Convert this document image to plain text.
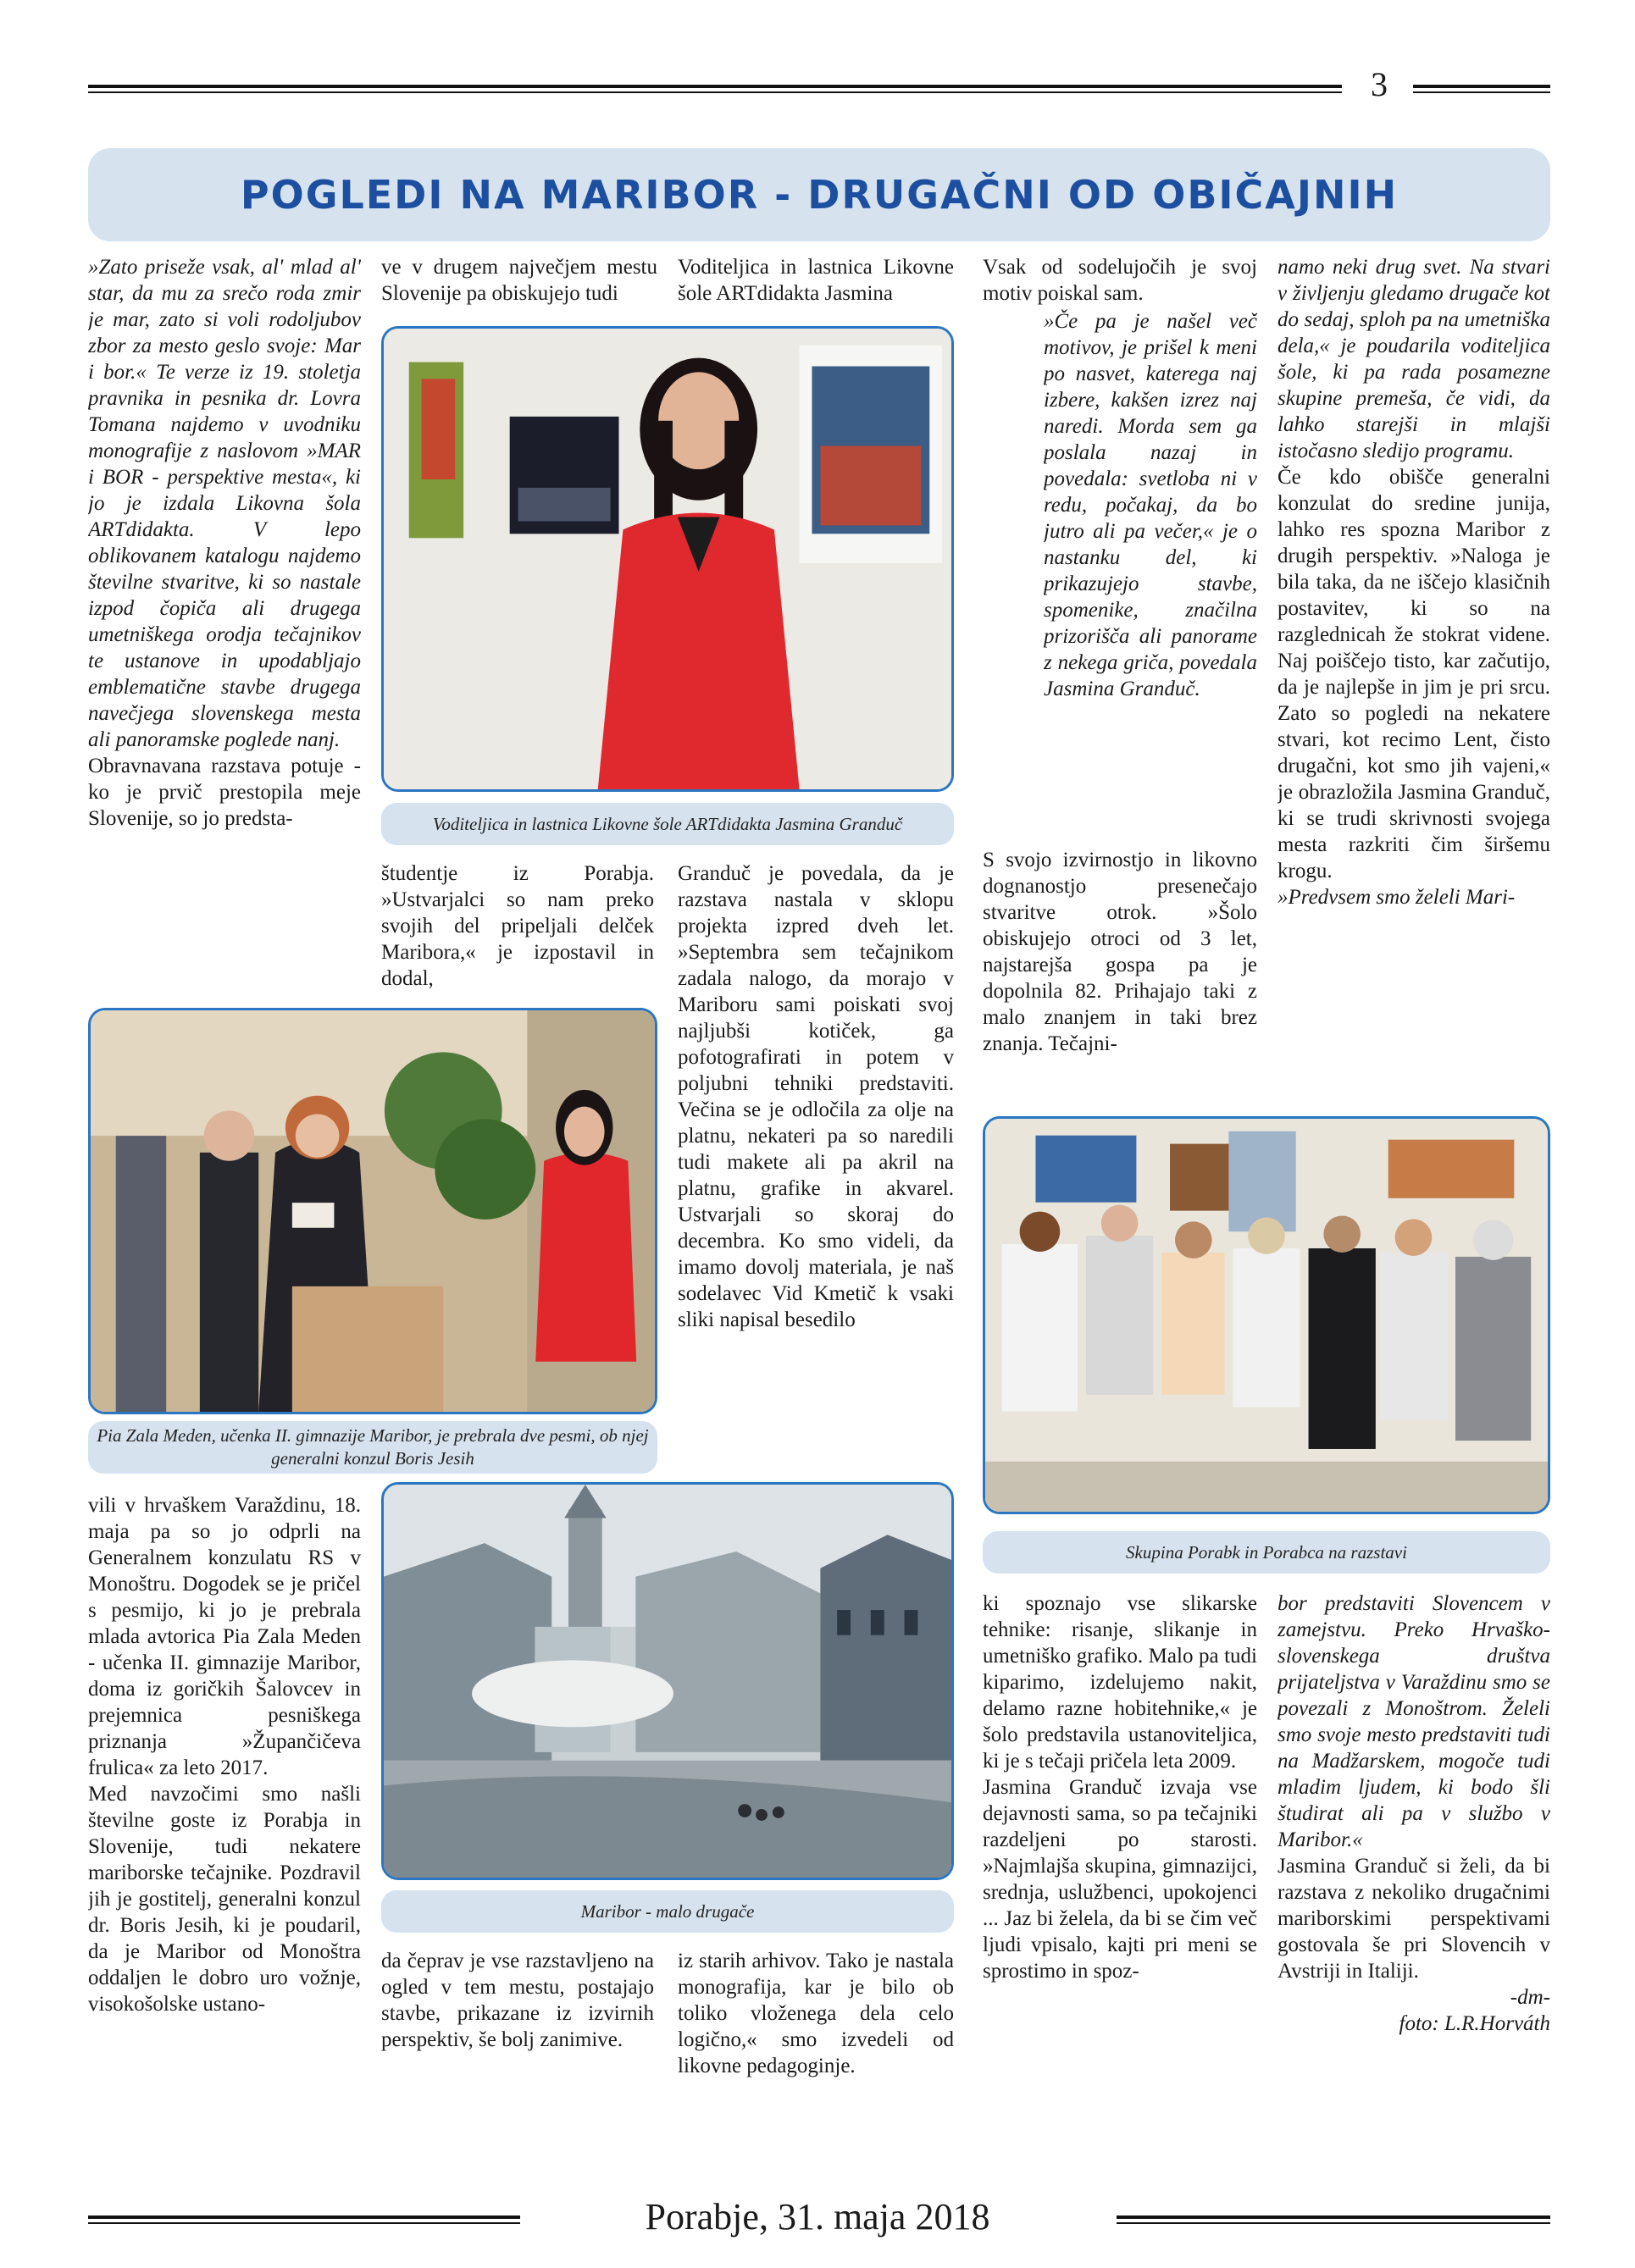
3
POGLEDI NA MARIBOR - DRUGAČNI OD OBIČAJNIH

»Zato priseže vsak, al' mlad al' star, da mu za srečo roda zmir je mar, zato si voli rodoljubov zbor za mesto geslo svoje: Mar i bor.« Te verze iz 19. stoletja pravnika in pesnika dr. Lovra Tomana najdemo v uvodniku monografije z naslovom »MAR i BOR - perspektive mesta«, ki jo je izdala Likovna šola ARTdidakta. V lepo oblikovanem katalogu najdemo številne stvaritve, ki so nastale izpod čopiča ali drugega umetniškega orodja tečajnikov te ustanove in upodabljajo emblematične stavbe drugega navečjega slovenskega mesta ali panoramske poglede nanj.

Obravnavana razstava potuje - ko je prvič prestopila meje Slovenije, so jo predsta-

ve v drugem največjem mestu Slovenije pa obiskujejo tudi

Voditeljica in lastnica Likovne šole ARTdidakta Jasmina

Vsak od sodelujočih je svoj motiv poiskal sam.

»Če pa je našel več motivov, je prišel k meni po nasvet, katerega naj izbere, kakšen izrez naj naredi. Morda sem ga poslala nazaj in povedala: svetloba ni v redu, počakaj, da bo jutro ali pa večer,« je o nastanku del, ki prikazujejo stavbe, spomenike, značilna prizorišča ali panorame z nekega griča, povedala Jasmina Granduč.

S svojo izvirnostjo in likovno dognanostjo presenečajo stvaritve otrok. »Šolo obiskujejo otroci od 3 let, najstarejša gospa pa je dopolnila 82. Prihajajo taki z malo znanjem in taki brez znanja. Tečajni-

namo neki drug svet. Na stvari v življenju gledamo drugače kot do sedaj, sploh pa na umetniška dela,« je poudarila voditeljica šole, ki pa rada posamezne skupine premeša, če vidi, da lahko starejši in mlajši istočasno sledijo programu.

Če kdo obišče generalni konzulat do sredine junija, lahko res spozna Maribor z drugih perspektiv. »Naloga je bila taka, da ne iščejo klasičnih postavitev, ki so na razglednicah že stokrat videne. Naj poiščejo tisto, kar začutijo, da je najlepše in jim je pri srcu. Zato so pogledi na nekatere stvari, kot recimo Lent, čisto drugačni, kot smo jih vajeni,« je obrazložila Jasmina Granduč, ki se trudi skrivnosti svojega mesta razkriti čim širšemu krogu.

»Predvsem smo želeli Mari-

Voditeljica in lastnica Likovne šole ARTdidakta Jasmina Granduč

študentje iz Porabja. »Ustvarjalci so nam preko svojih del pripeljali delček Maribora,« je izpostavil in dodal,

Granduč je povedala, da je razstava nastala v sklopu projekta izpred dveh let. »Septembra sem tečajnikom zadala nalogo, da morajo v Mariboru sami poiskati svoj najljubši kotiček, ga pofotografirati in potem v poljubni tehniki predstaviti. Večina se je odločila za olje na platnu, nekateri pa so naredili tudi makete ali pa akril na platnu, grafike in akvarel. Ustvarjali so skoraj do decembra. Ko smo videli, da imamo dovolj materiala, je naš sodelavec Vid Kmetič k vsaki sliki napisal besedilo

Pia Zala Meden, učenka II. gimnazije Maribor, je prebrala dve pesmi, ob njej generalni konzul Boris Jesih
Skupina Porabk in Porabca na razstavi
Maribor - malo drugače

vili v hrvaškem Varaždinu, 18. maja pa so jo odprli na Generalnem konzulatu RS v Monoštru. Dogodek se je pričel s pesmijo, ki jo je prebrala mlada avtorica Pia Zala Meden - učenka II. gimnazije Maribor, doma iz goričkih Šalovcev in prejemnica pesniškega priznanja »Župančičeva frulica« za leto 2017.

Med navzočimi smo našli številne goste iz Porabja in Slovenije, tudi nekatere mariborske tečajnike. Pozdravil jih je gostitelj, generalni konzul dr. Boris Jesih, ki je poudaril, da je Maribor od Monoštra oddaljen le dobro uro vožnje, visokošolske ustano-

ki spoznajo vse slikarske tehnike: risanje, slikanje in umetniško grafiko. Malo pa tudi kiparimo, izdelujemo nakit, delamo razne hobitehnike,« je šolo predstavila ustanoviteljica, ki je s tečaji pričela leta 2009.

Jasmina Granduč izvaja vse dejavnosti sama, so pa tečajniki razdeljeni po starosti. »Najmlajša skupina, gimnazijci, srednja, uslužbenci, upokojenci ... Jaz bi želela, da bi se čim več ljudi vpisalo, kajti pri meni se sprostimo in spoz-

bor predstaviti Slovencem v zamejstvu. Preko Hrvaško-slovenskega društva prijateljstva v Varaždinu smo se povezali z Monoštrom. Želeli smo svoje mesto predstaviti tudi na Madžarskem, mogoče tudi mladim ljudem, ki bodo šli študirat ali pa v službo v Maribor.«

Jasmina Granduč si želi, da bi razstava z nekoliko drugačnimi mariborskimi perspektivami gostovala še pri Slovencih v Avstriji in Italiji.

-dm-

foto: L.R.Horváth

da čeprav je vse razstavljeno na ogled v tem mestu, postajajo stavbe, prikazane iz izvirnih perspektiv, še bolj zanimive.

iz starih arhivov. Tako je nastala monografija, kar je bilo ob toliko vloženega dela celo logično,« smo izvedeli od likovne pedagoginje.

Porabje, 31. maja 2018
